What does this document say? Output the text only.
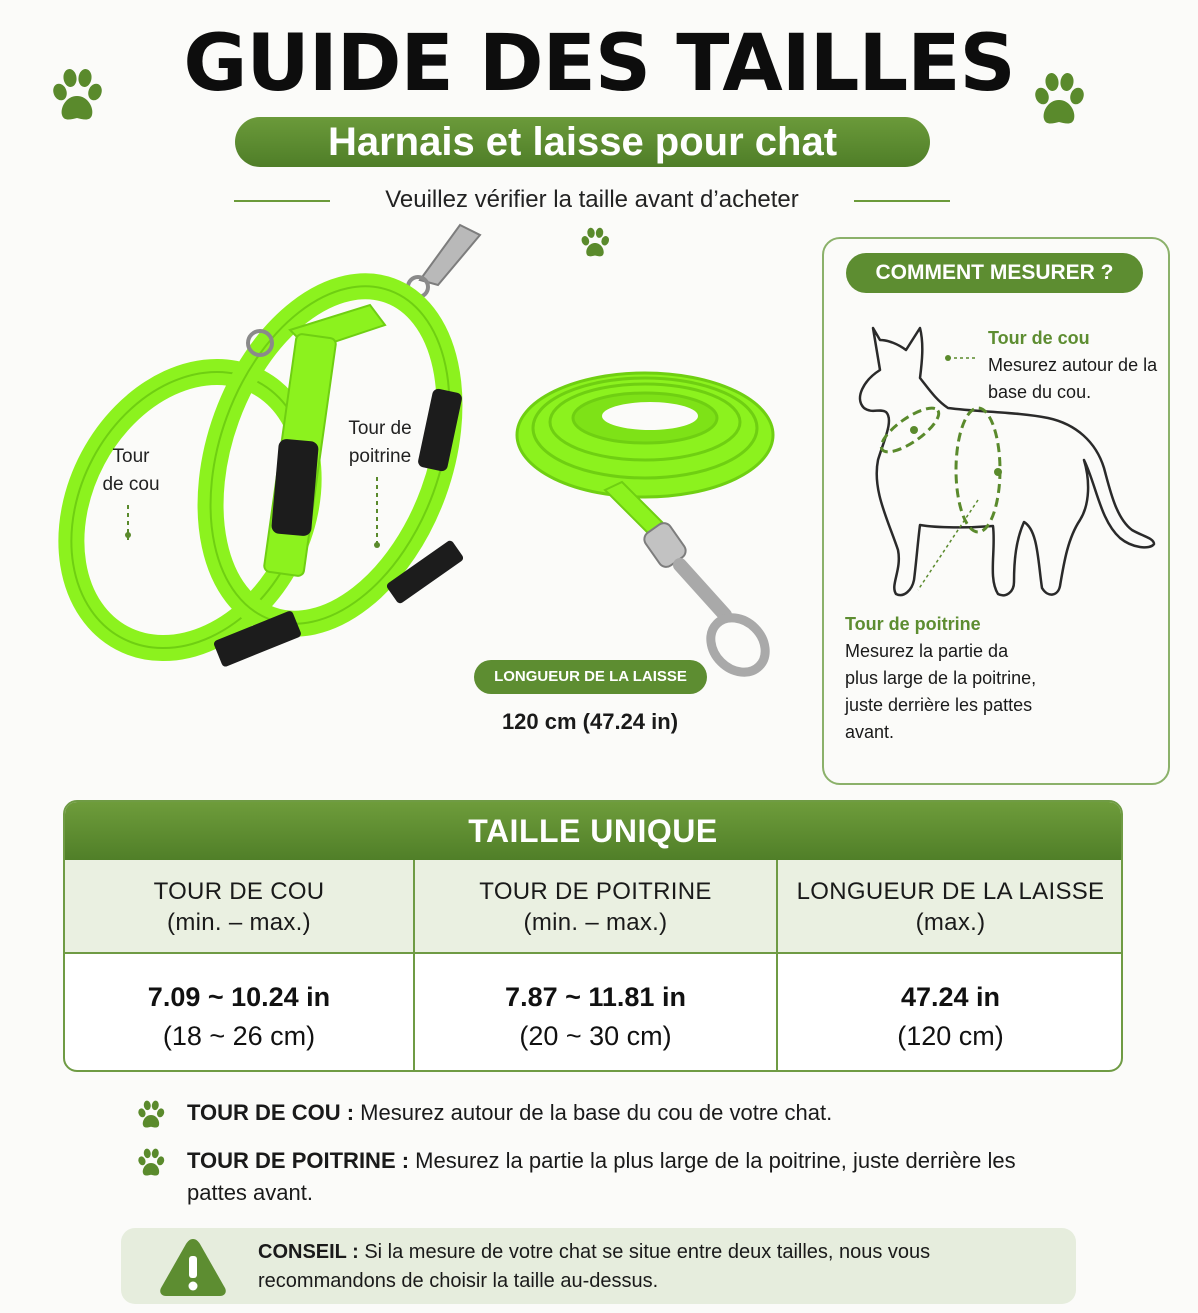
GUIDE DES TAILLES
Harnais et laisse pour chat
Veuillez vérifier la taille avant d’acheter
Tour
de cou
Tour de
poitrine
LONGUEUR DE LA LAISSE
120 cm (47.24 in)
COMMENT MESURER ?
Tour de cou
Mesurez autour de la base du cou.
Tour de poitrine
Mesurez la partie da plus large de la poitrine, juste derrière les pattes avant.
TAILLE UNIQUE
TOUR DE COU
(min. – max.)
TOUR DE POITRINE
(min. – max.)
LONGUEUR DE LA LAISSE
(max.)
7.09 ~ 10.24 in
(18 ~ 26 cm)
7.87 ~ 11.81 in
(20 ~ 30 cm)
47.24 in
(120 cm)
TOUR DE COU : Mesurez autour de la base du cou de votre chat.
TOUR DE POITRINE : Mesurez la partie la plus large de la poitrine, juste derrière les pattes avant.
CONSEIL : Si la mesure de votre chat se situe entre deux tailles, nous vous recommandons de choisir la taille au-dessus.
